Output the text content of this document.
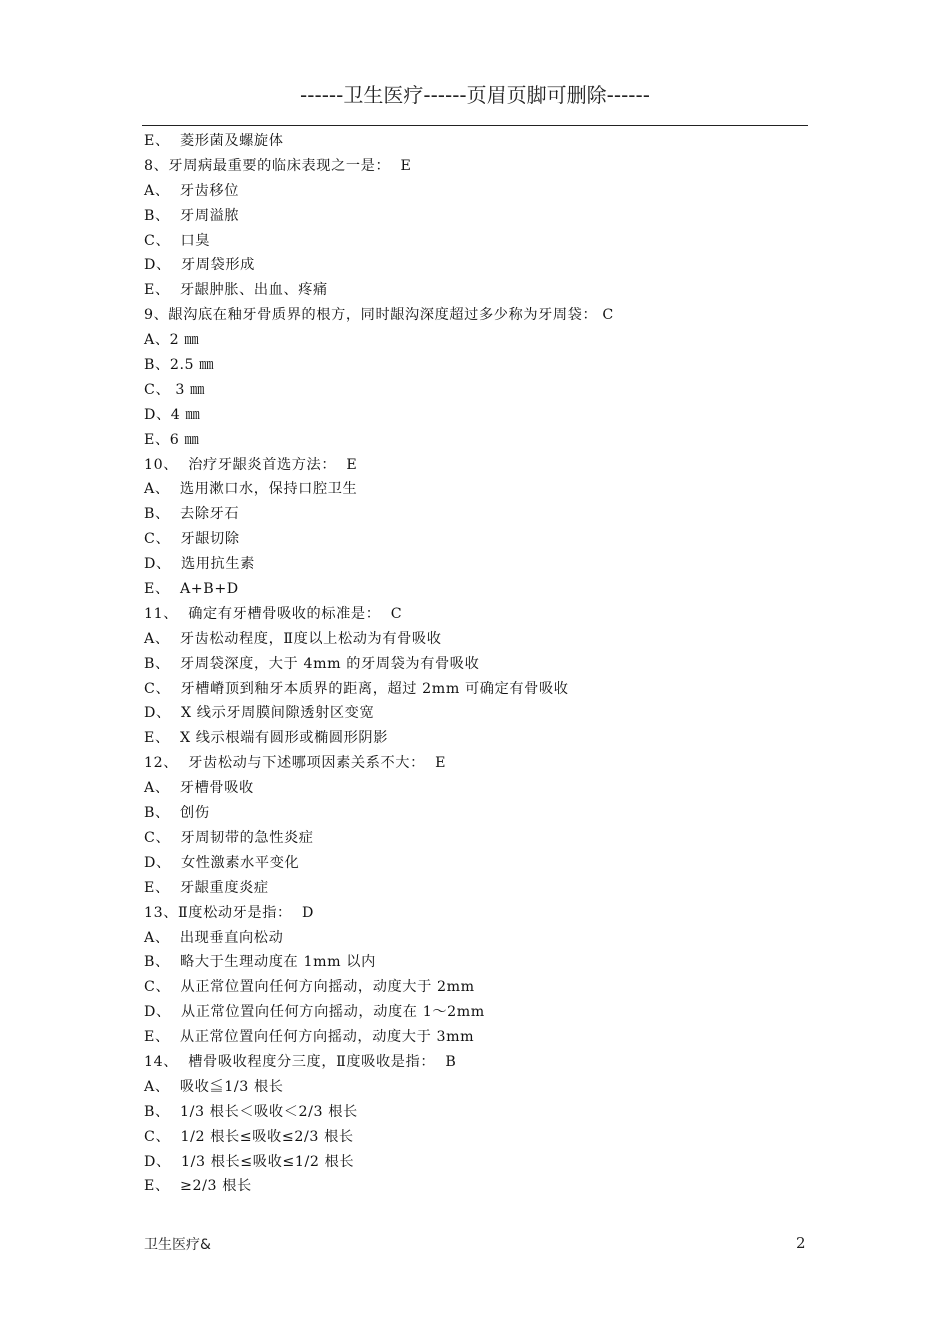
------卫生医疗------页眉页脚可删除------
E、  菱形菌及螺旋体
8、牙周病最重要的临床表现之一是：  E
A、  牙齿移位
B、  牙周溢脓
C、  口臭
D、  牙周袋形成
E、  牙龈肿胀、出血、疼痛
9、龈沟底在釉牙骨质界的根方，同时龈沟深度超过多少称为牙周袋： C
A、2 ㎜
B、2.5 ㎜
C、 3 ㎜
D、4 ㎜
E、6 ㎜
10、  治疗牙龈炎首选方法：  E
A、  选用漱口水，保持口腔卫生
B、  去除牙石
C、  牙龈切除
D、  选用抗生素
E、  A+B+D
11、  确定有牙槽骨吸收的标准是：  C
A、  牙齿松动程度，Ⅱ度以上松动为有骨吸收
B、  牙周袋深度，大于 4mm 的牙周袋为有骨吸收
C、  牙槽嵴顶到釉牙本质界的距离，超过 2mm 可确定有骨吸收
D、  X 线示牙周膜间隙透射区变宽
E、  X 线示根端有圆形或椭圆形阴影
12、  牙齿松动与下述哪项因素关系不大：  E
A、  牙槽骨吸收
B、  创伤
C、  牙周韧带的急性炎症
D、  女性激素水平变化
E、  牙龈重度炎症
13、Ⅱ度松动牙是指：  D
A、  出现垂直向松动
B、  略大于生理动度在 1mm 以内
C、  从正常位置向任何方向摇动，动度大于 2mm
D、  从正常位置向任何方向摇动，动度在 1～2mm
E、  从正常位置向任何方向摇动，动度大于 3mm
14、  槽骨吸收程度分三度，Ⅱ度吸收是指：  B
A、  吸收≦1/3 根长
B、  1/3 根长＜吸收＜2/3 根长
C、  1/2 根长≤吸收≤2/3 根长
D、  1/3 根长≤吸收≤1/2 根长
E、  ≥2/3 根长
卫生医疗&	2
